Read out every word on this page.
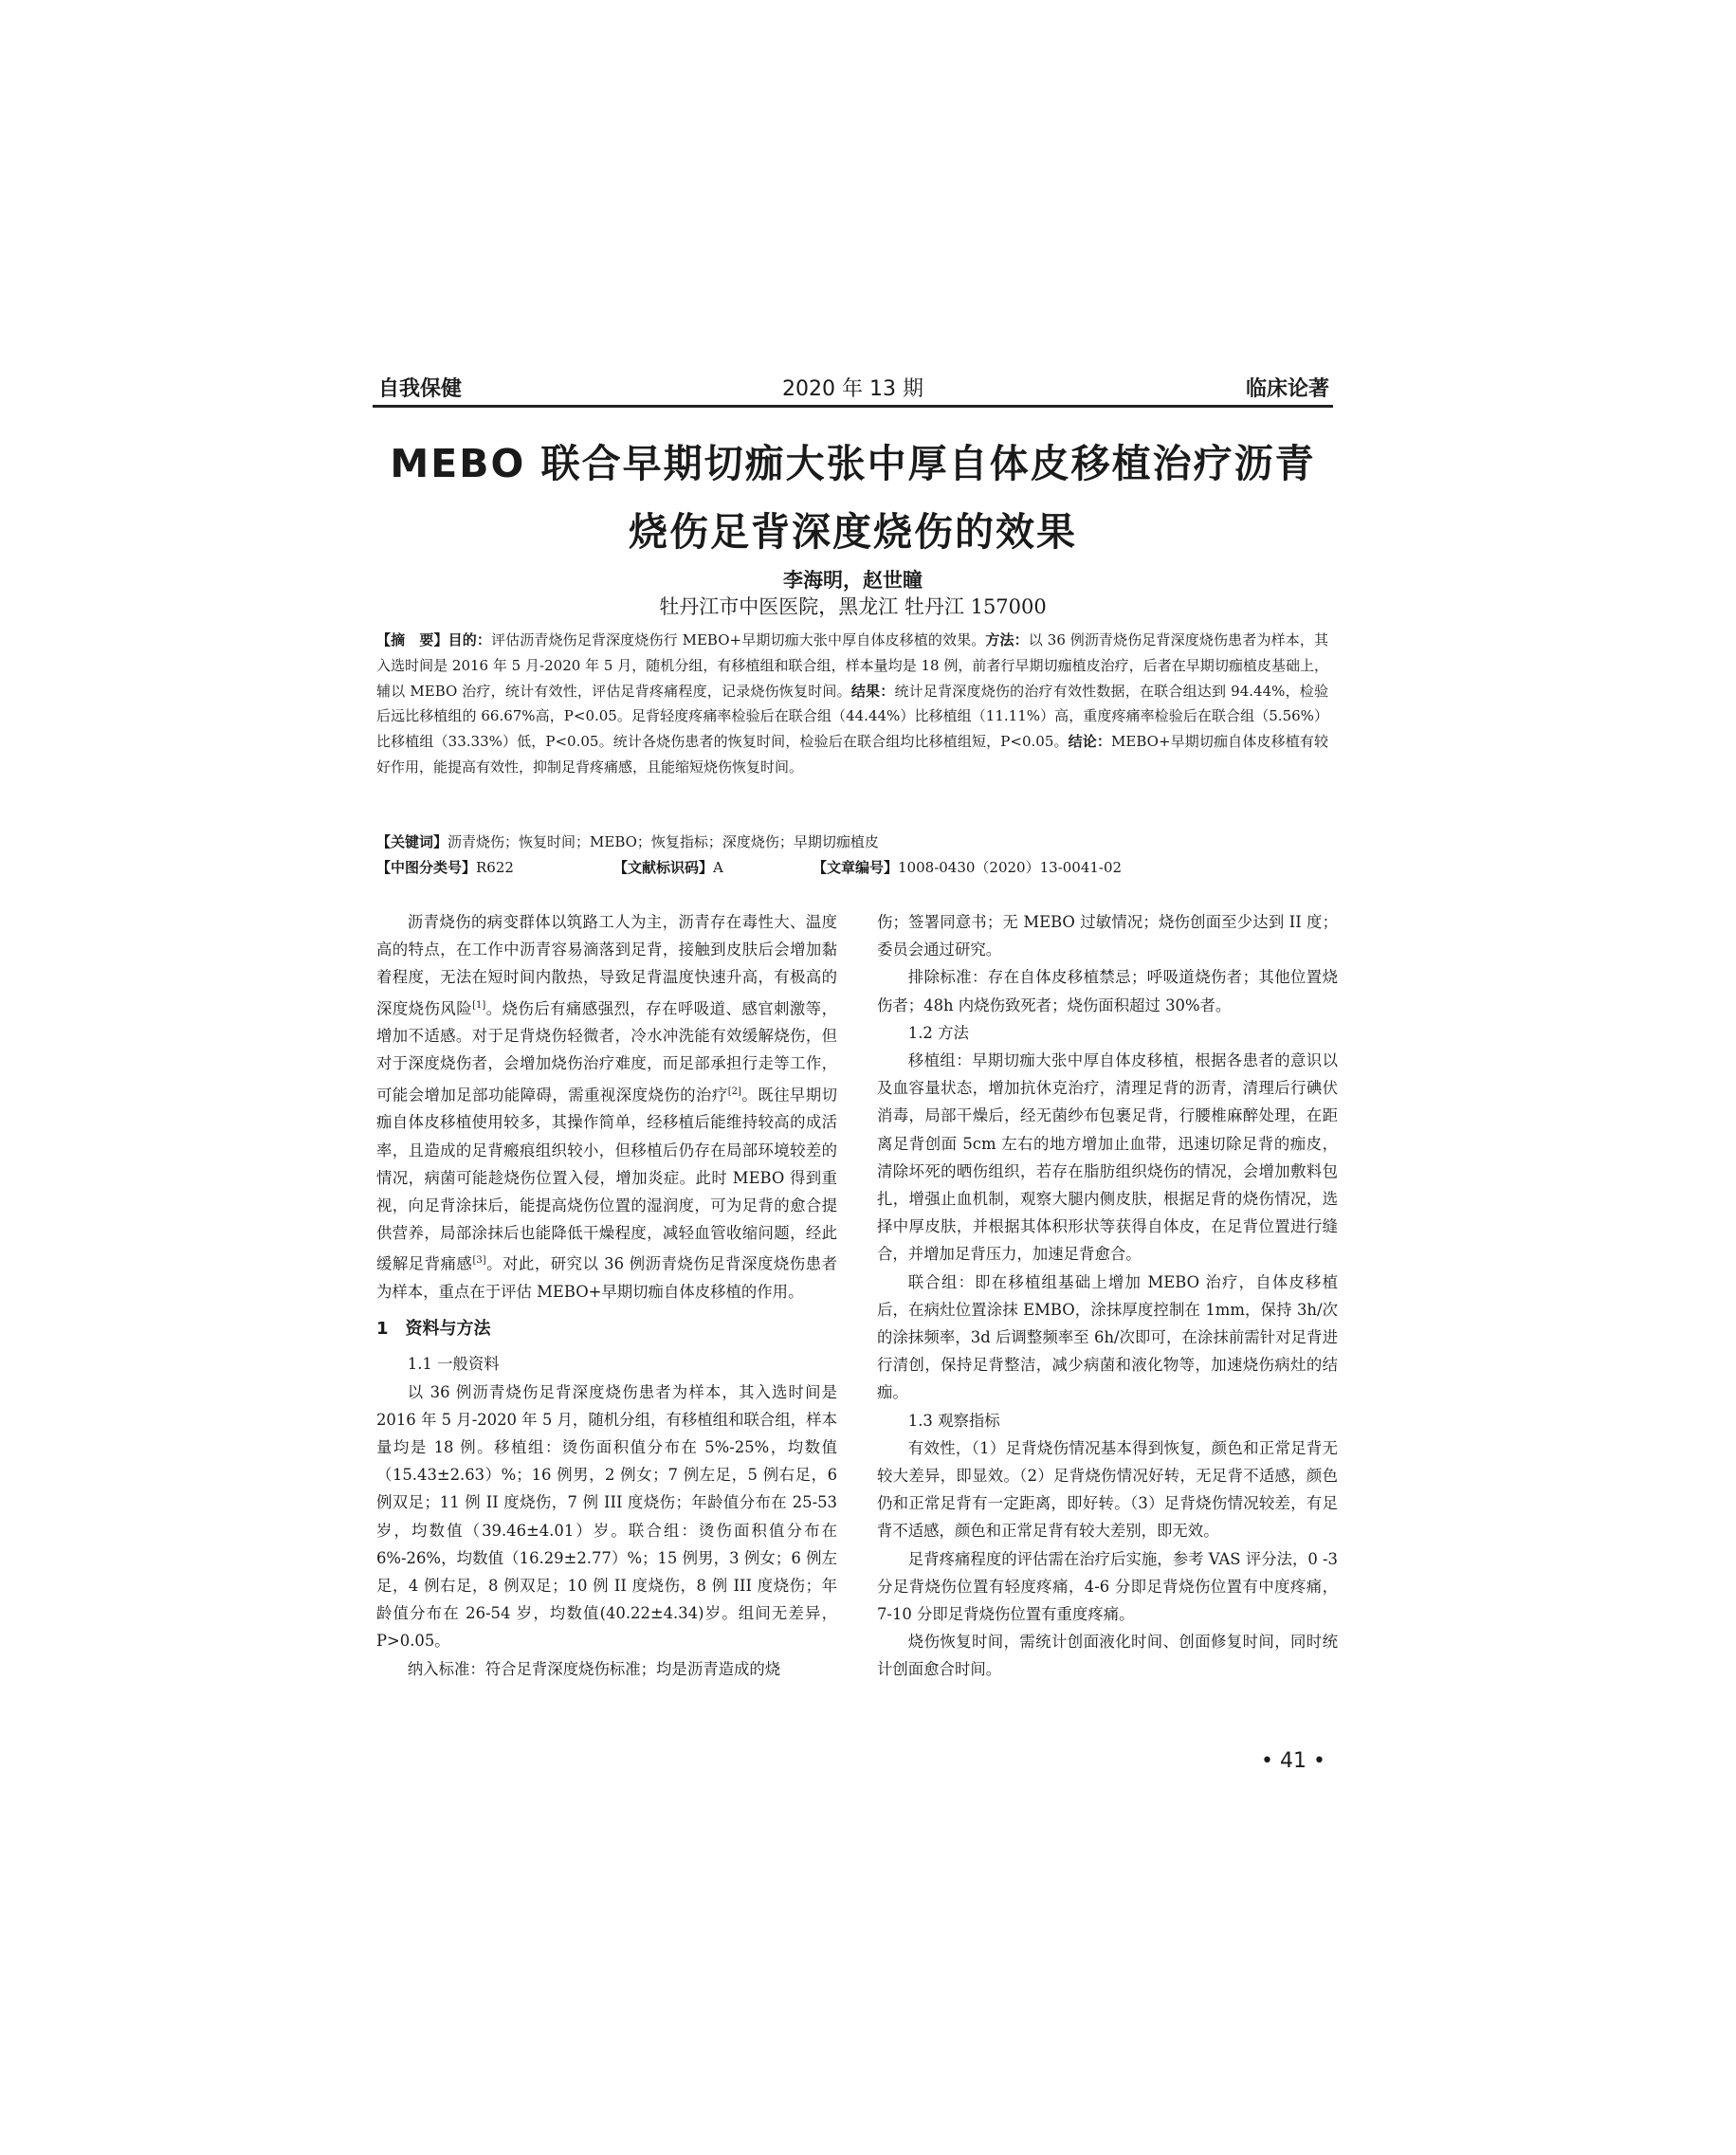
自我保健	2020 年 13 期	临床论著
MEBO 联合早期切痂大张中厚自体皮移植治疗沥青
烧伤足背深度烧伤的效果
李海明，赵世瞳
牡丹江市中医医院，黑龙江 牡丹江 157000
【摘　要】目的：评估沥青烧伤足背深度烧伤行 MEBO+早期切痂大张中厚自体皮移植的效果。方法：以 36 例沥青烧伤足背深度烧伤患者为样本，其入选时间是 2016 年 5 月-2020 年 5 月，随机分组，有移植组和联合组，样本量均是 18 例，前者行早期切痂植皮治疗，后者在早期切痂植皮基础上，辅以 MEBO 治疗，统计有效性，评估足背疼痛程度，记录烧伤恢复时间。结果：统计足背深度烧伤的治疗有效性数据，在联合组达到 94.44%，检验后远比移植组的 66.67%高，P<0.05。足背轻度疼痛率检验后在联合组（44.44%）比移植组（11.11%）高，重度疼痛率检验后在联合组（5.56%）比移植组（33.33%）低，P<0.05。统计各烧伤患者的恢复时间，检验后在联合组均比移植组短，P<0.05。结论：MEBO+早期切痂自体皮移植有较好作用，能提高有效性，抑制足背疼痛感，且能缩短烧伤恢复时间。
【关键词】沥青烧伤；恢复时间；MEBO；恢复指标；深度烧伤；早期切痂植皮
【中图分类号】R622	【文献标识码】A	【文章编号】1008-0430（2020）13-0041-02

沥青烧伤的病变群体以筑路工人为主，沥青存在毒性大、温度高的特点，在工作中沥青容易滴落到足背，接触到皮肤后会增加黏着程度，无法在短时间内散热，导致足背温度快速升高，有极高的深度烧伤风险[1]。烧伤后有痛感强烈，存在呼吸道、感官刺激等，增加不适感。对于足背烧伤轻微者，冷水冲洗能有效缓解烧伤，但对于深度烧伤者，会增加烧伤治疗难度，而足部承担行走等工作，可能会增加足部功能障碍，需重视深度烧伤的治疗[2]。既往早期切痂自体皮移植使用较多，其操作简单，经移植后能维持较高的成活率，且造成的足背瘢痕组织较小，但移植后仍存在局部环境较差的情况，病菌可能趁烧伤位置入侵，增加炎症。此时 MEBO 得到重视，向足背涂抹后，能提高烧伤位置的湿润度，可为足背的愈合提供营养，局部涂抹后也能降低干燥程度，减轻血管收缩问题，经此缓解足背痛感[3]。对此，研究以 36 例沥青烧伤足背深度烧伤患者为样本，重点在于评估 MEBO+早期切痂自体皮移植的作用。

1　资料与方法
1.1 一般资料

以 36 例沥青烧伤足背深度烧伤患者为样本，其入选时间是 2016 年 5 月-2020 年 5 月，随机分组，有移植组和联合组，样本量均是 18 例。移植组：烫伤面积值分布在 5%-25%，均数值（15.43±2.63）%；16 例男，2 例女；7 例左足，5 例右足，6 例双足；11 例 II 度烧伤，7 例 III 度烧伤；年龄值分布在 25-53 岁，均数值（39.46±4.01）岁。联合组：烫伤面积值分布在 6%-26%，均数值（16.29±2.77）%；15 例男，3 例女；6 例左足，4 例右足，8 例双足；10 例 II 度烧伤，8 例 III 度烧伤；年龄值分布在 26-54 岁，均数值(40.22±4.34)岁。组间无差异，P>0.05。

纳入标准：符合足背深度烧伤标准；均是沥青造成的烧

伤；签署同意书；无 MEBO 过敏情况；烧伤创面至少达到 II 度；委员会通过研究。

排除标准：存在自体皮移植禁忌；呼吸道烧伤者；其他位置烧伤者；48h 内烧伤致死者；烧伤面积超过 30%者。

1.2 方法

移植组：早期切痂大张中厚自体皮移植，根据各患者的意识以及血容量状态，增加抗休克治疗，清理足背的沥青，清理后行碘伏消毒，局部干燥后，经无菌纱布包裹足背，行腰椎麻醉处理，在距离足背创面 5cm 左右的地方增加止血带，迅速切除足背的痂皮，清除坏死的晒伤组织，若存在脂肪组织烧伤的情况，会增加敷料包扎，增强止血机制，观察大腿内侧皮肤，根据足背的烧伤情况，选择中厚皮肤，并根据其体积形状等获得自体皮，在足背位置进行缝合，并增加足背压力，加速足背愈合。

联合组：即在移植组基础上增加 MEBO 治疗，自体皮移植后，在病灶位置涂抹 EMBO，涂抹厚度控制在 1mm，保持 3h/次的涂抹频率，3d 后调整频率至 6h/次即可，在涂抹前需针对足背进行清创，保持足背整洁，减少病菌和液化物等，加速烧伤病灶的结痂。

1.3 观察指标

有效性，（1）足背烧伤情况基本得到恢复，颜色和正常足背无较大差异，即显效。（2）足背烧伤情况好转，无足背不适感，颜色仍和正常足背有一定距离，即好转。（3）足背烧伤情况较差，有足背不适感，颜色和正常足背有较大差别，即无效。

足背疼痛程度的评估需在治疗后实施，参考 VAS 评分法，0 -3 分足背烧伤位置有轻度疼痛，4-6 分即足背烧伤位置有中度疼痛，7-10 分即足背烧伤位置有重度疼痛。

烧伤恢复时间，需统计创面液化时间、创面修复时间，同时统计创面愈合时间。

• 41 •
